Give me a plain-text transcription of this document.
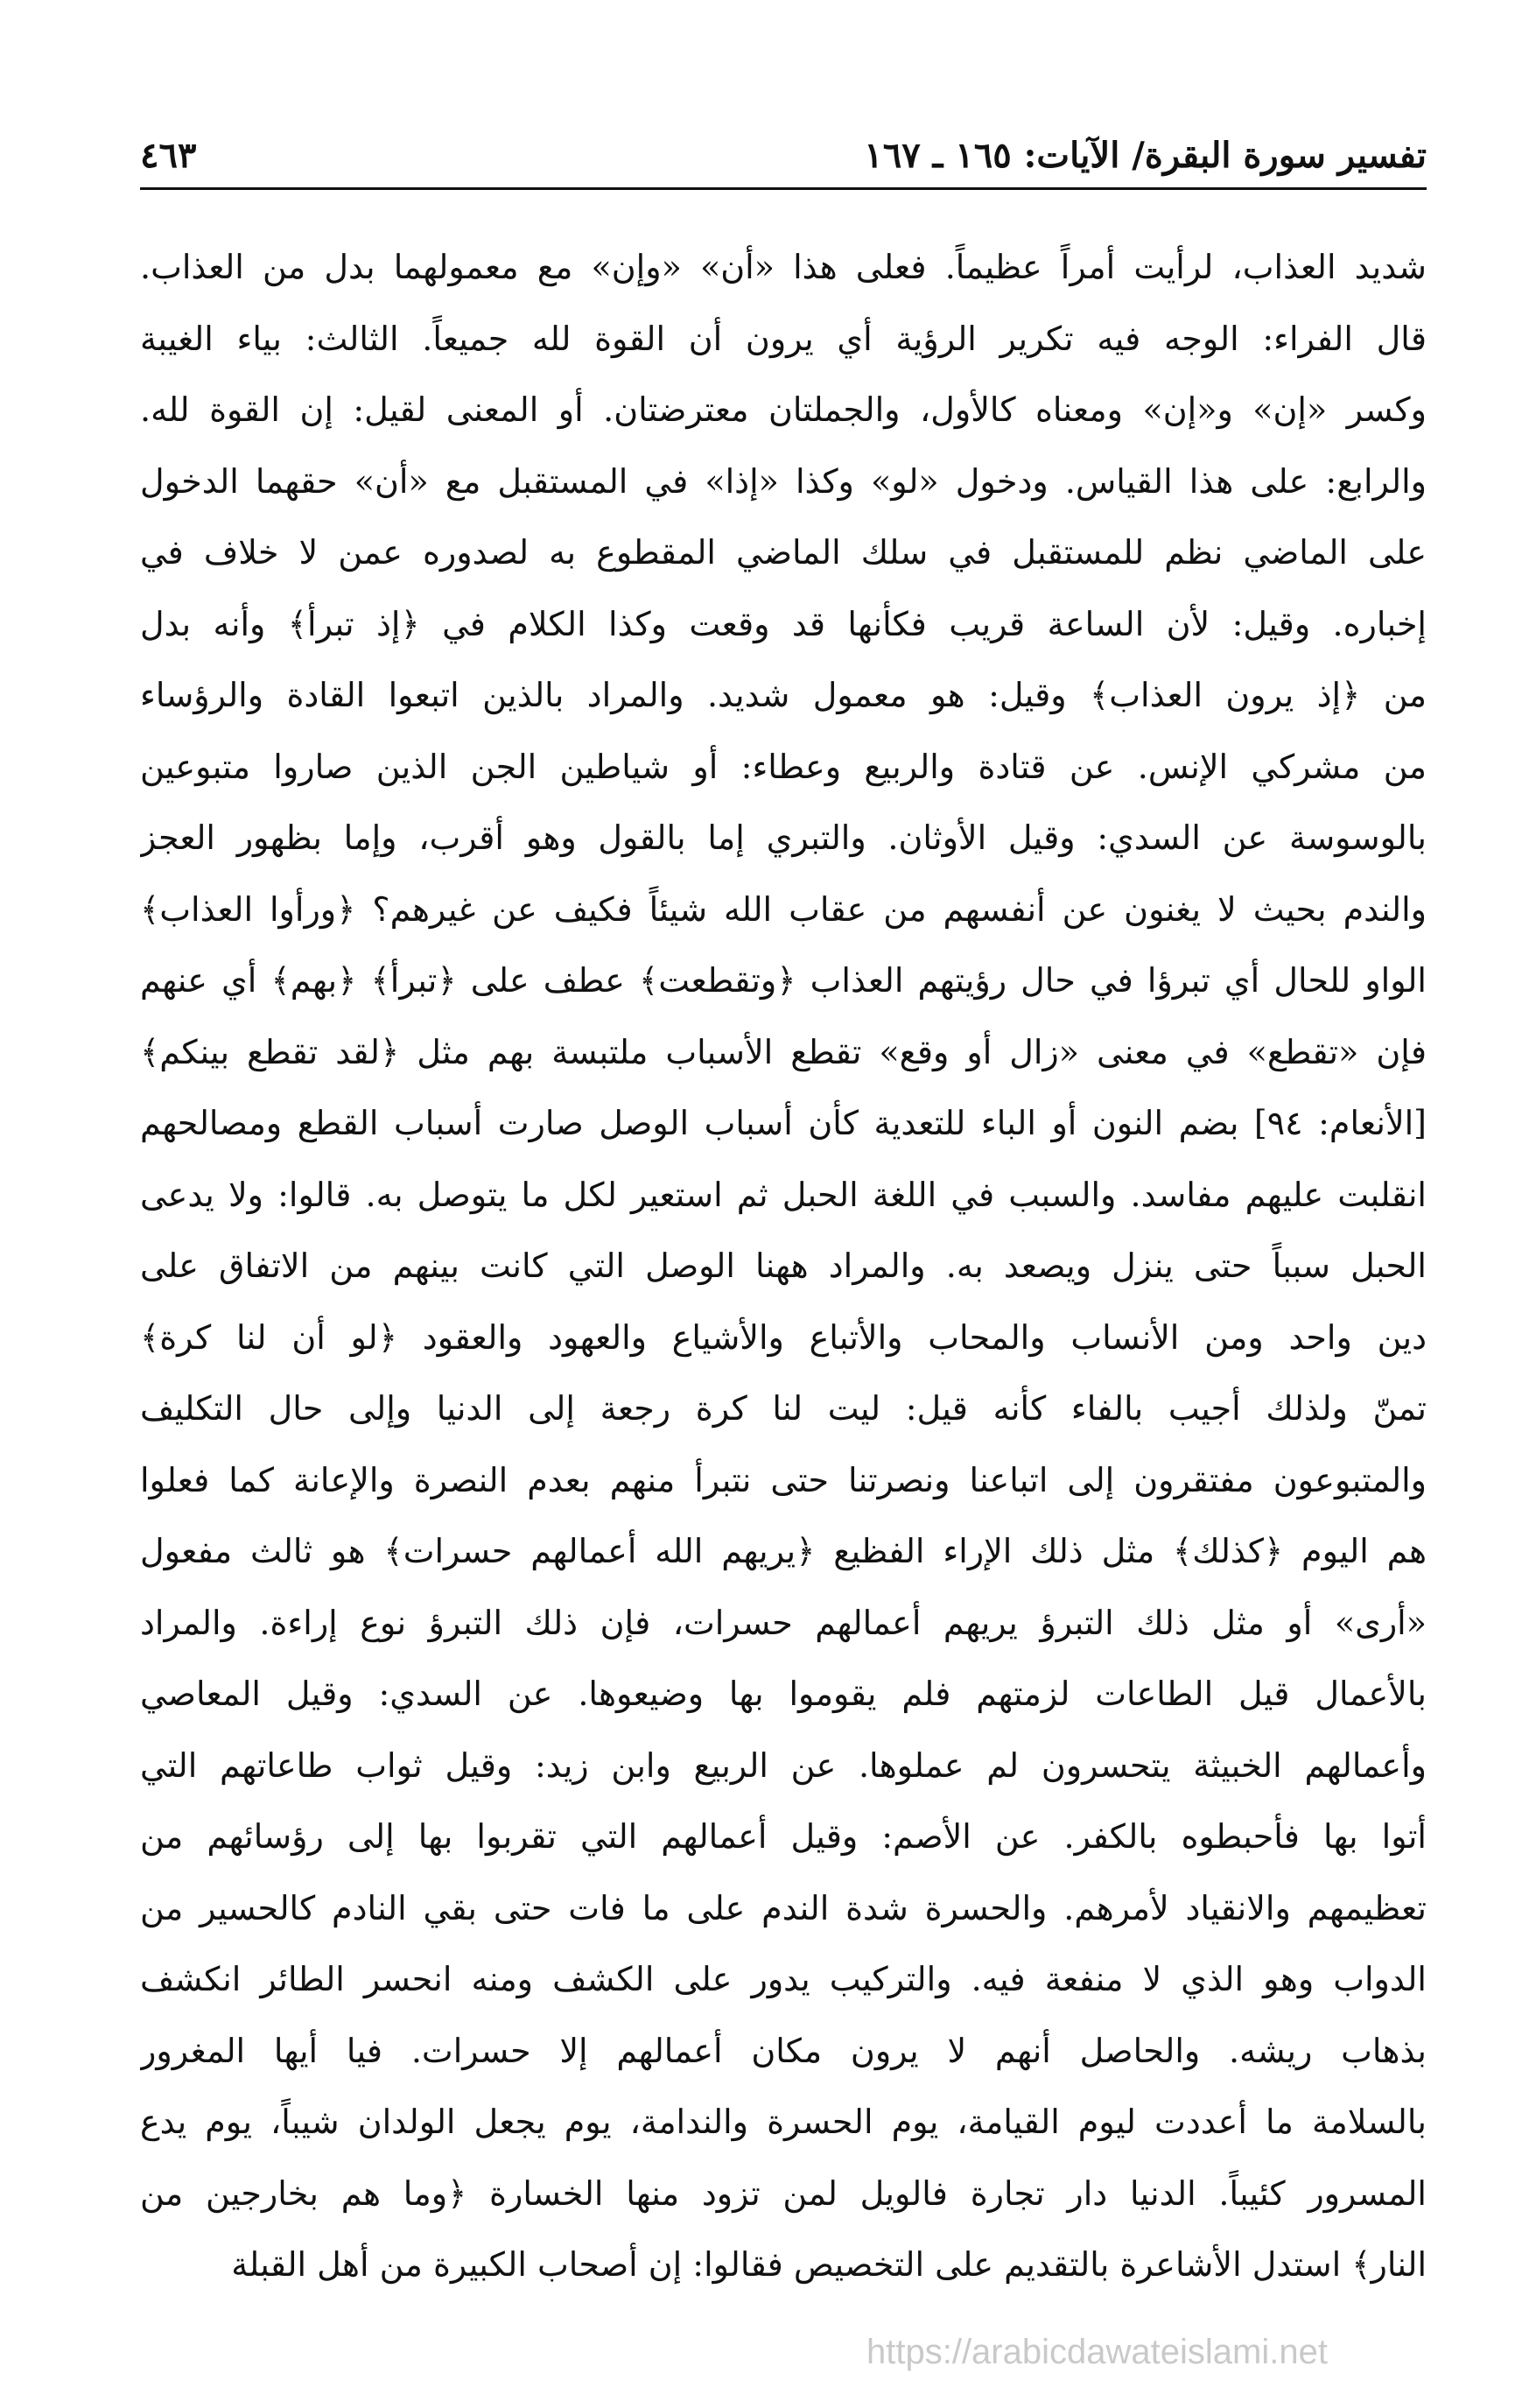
تفسير سورة البقرة/ الآيات: ١٦٥ ـ ١٦٧
٤٦٣
شديد العذاب، لرأيت أمراً عظيماً. فعلى هذا «أن» «وإن» مع معمولهما بدل من العذاب.
قال الفراء: الوجه فيه تكرير الرؤية أي يرون أن القوة لله جميعاً. الثالث: بياء الغيبة
وكسر «إن» و«إن» ومعناه كالأول، والجملتان معترضتان. أو المعنى لقيل: إن القوة لله.
والرابع: على هذا القياس. ودخول «لو» وكذا «إذا» في المستقبل مع «أن» حقهما الدخول
على الماضي نظم للمستقبل في سلك الماضي المقطوع به لصدوره عمن لا خلاف في
إخباره. وقيل: لأن الساعة قريب فكأنها قد وقعت وكذا الكلام في ﴿إذ تبرأ﴾ وأنه بدل
من ﴿إذ يرون العذاب﴾ وقيل: هو معمول شديد. والمراد بالذين اتبعوا القادة والرؤساء
من مشركي الإنس. عن قتادة والربيع وعطاء: أو شياطين الجن الذين صاروا متبوعين
بالوسوسة عن السدي: وقيل الأوثان. والتبري إما بالقول وهو أقرب، وإما بظهور العجز
والندم بحيث لا يغنون عن أنفسهم من عقاب الله شيئاً فكيف عن غيرهم؟ ﴿ورأوا العذاب﴾
الواو للحال أي تبرؤا في حال رؤيتهم العذاب ﴿وتقطعت﴾ عطف على ﴿تبرأ﴾ ﴿بهم﴾ أي عنهم
فإن «تقطع» في معنى «زال أو وقع» تقطع الأسباب ملتبسة بهم مثل ﴿لقد تقطع بينكم﴾
[الأنعام: ٩٤] بضم النون أو الباء للتعدية كأن أسباب الوصل صارت أسباب القطع ومصالحهم
انقلبت عليهم مفاسد. والسبب في اللغة الحبل ثم استعير لكل ما يتوصل به. قالوا: ولا يدعى
الحبل سبباً حتى ينزل ويصعد به. والمراد ههنا الوصل التي كانت بينهم من الاتفاق على
دين واحد ومن الأنساب والمحاب والأتباع والأشياع والعهود والعقود ﴿لو أن لنا كرة﴾
تمنّ ولذلك أجيب بالفاء كأنه قيل: ليت لنا كرة رجعة إلى الدنيا وإلى حال التكليف
والمتبوعون مفتقرون إلى اتباعنا ونصرتنا حتى نتبرأ منهم بعدم النصرة والإعانة كما فعلوا
هم اليوم ﴿كذلك﴾ مثل ذلك الإراء الفظيع ﴿يريهم الله أعمالهم حسرات﴾ هو ثالث مفعول
«أرى» أو مثل ذلك التبرؤ يريهم أعمالهم حسرات، فإن ذلك التبرؤ نوع إراءة. والمراد
بالأعمال قيل الطاعات لزمتهم فلم يقوموا بها وضيعوها. عن السدي: وقيل المعاصي
وأعمالهم الخبيثة يتحسرون لم عملوها. عن الربيع وابن زيد: وقيل ثواب طاعاتهم التي
أتوا بها فأحبطوه بالكفر. عن الأصم: وقيل أعمالهم التي تقربوا بها إلى رؤسائهم من
تعظيمهم والانقياد لأمرهم. والحسرة شدة الندم على ما فات حتى بقي النادم كالحسير من
الدواب وهو الذي لا منفعة فيه. والتركيب يدور على الكشف ومنه انحسر الطائر انكشف
بذهاب ريشه. والحاصل أنهم لا يرون مكان أعمالهم إلا حسرات. فيا أيها المغرور
بالسلامة ما أعددت ليوم القيامة، يوم الحسرة والندامة، يوم يجعل الولدان شيباً، يوم يدع
المسرور كئيباً. الدنيا دار تجارة فالويل لمن تزود منها الخسارة ﴿وما هم بخارجين من
النار﴾ استدل الأشاعرة بالتقديم على التخصيص فقالوا: إن أصحاب الكبيرة من أهل القبلة
https://arabicdawateislami.net
